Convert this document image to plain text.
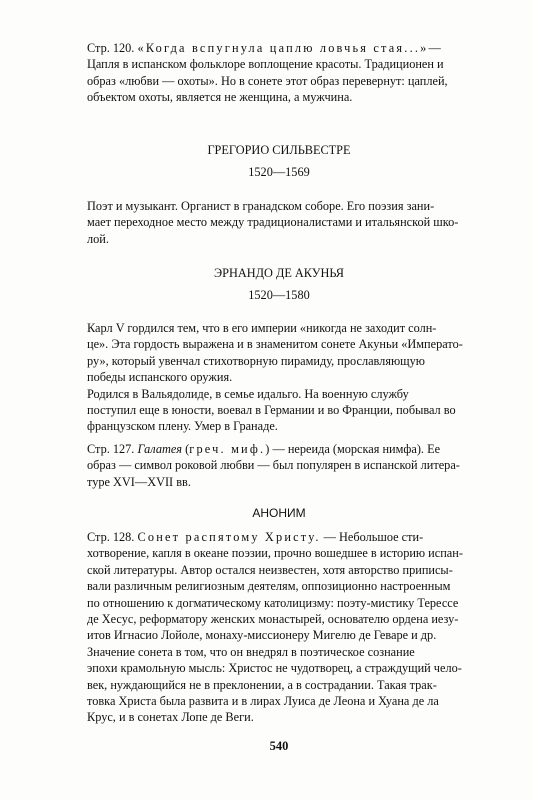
Стр. 120. «Когда вспугнула цаплю ловчья стая...»—
Цапля в испанском фольклоре воплощение красоты. Традиционен и
образ «любви — охоты». Но в сонете этот образ перевернут: цаплей,
объектом охоты, является не женщина, а мужчина.
ГРЕГОРИО СИЛЬВЕСТРЕ
1520—1569
Поэт и музыкант. Органист в гранадском соборе. Его поэзия зани-
мает переходное место между традиционалистами и итальянской шко-
лой.
ЭРНАНДО ДЕ АКУНЬЯ
1520—1580
Карл V гордился тем, что в его империи «никогда не заходит солн-
це». Эта гордость выражена и в знаменитом сонете Акуньи «Императо-
ру», который увенчал стихотворную пирамиду, прославляющую
победы испанского оружия.
Родился в Вальядолиде, в семье идальго. На военную службу
поступил еще в юности, воевал в Германии и во Франции, побывал во
французском плену. Умер в Гранаде.
Стр. 127. Галатея (греч. миф.) — нереида (морская нимфа). Ее
образ — символ роковой любви — был популярен в испанской литера-
туре XVI—XVII вв.
АНОНИМ
Стр. 128. Сонет распятому Христу. — Небольшое сти-
хотворение, капля в океане поэзии, прочно вошедшее в историю испан-
ской литературы. Автор остался неизвестен, хотя авторство приписы-
вали различным религиозным деятелям, оппозиционно настроенным
по отношению к догматическому католицизму: поэту-мистику Терессе
де Хесус, реформатору женских монастырей, основателю ордена иезу-
итов Игнасио Лойоле, монаху-миссионеру Мигелю де Геваре и др.
Значение сонета в том, что он внедрял в поэтическое сознание
эпохи крамольную мысль: Христос не чудотворец, а страждущий чело-
век, нуждающийся не в преклонении, а в сострадании. Такая трак-
товка Христа была развита и в лирах Луиса де Леона и Хуана де ла
Крус, и в сонетах Лопе де Веги.
540
